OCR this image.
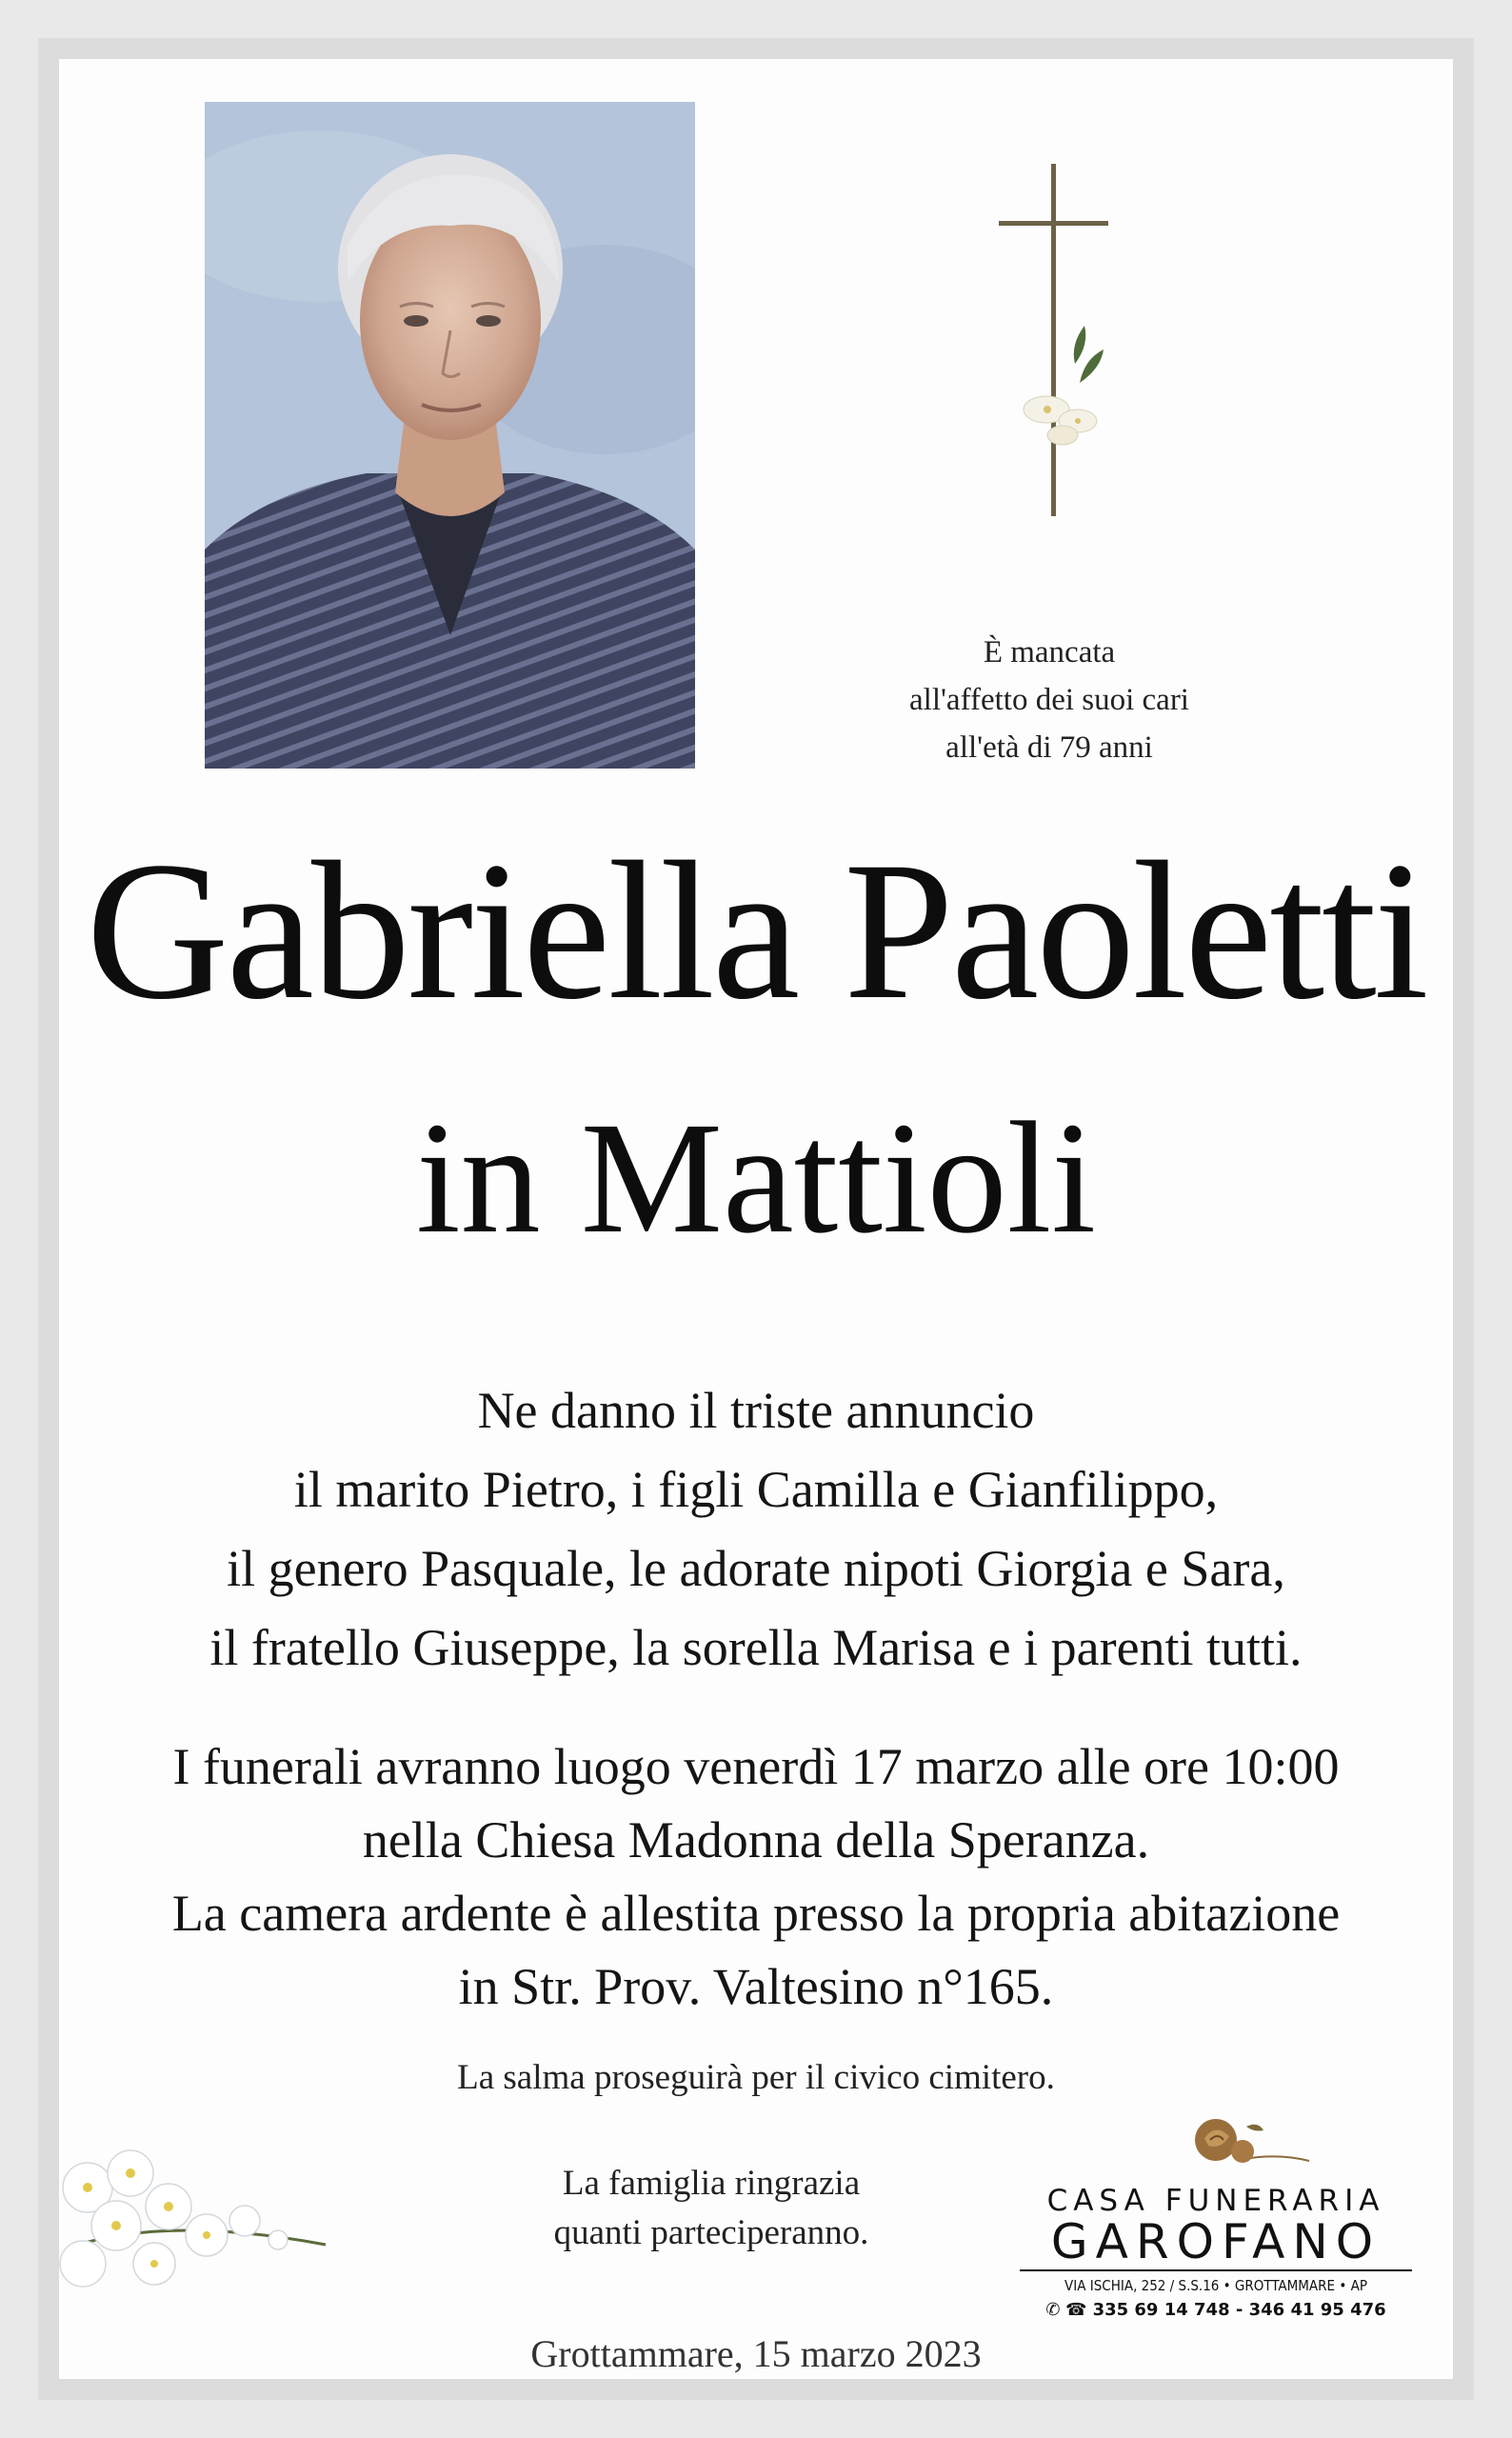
È mancata
all'affetto dei suoi cari
all'età di 79 anni
Gabriella Paoletti
in Mattioli
Ne danno il triste annuncio
il marito Pietro, i figli Camilla e Gianfilippo,
il genero Pasquale, le adorate nipoti Giorgia e Sara,
il fratello Giuseppe, la sorella Marisa e i parenti tutti.
I funerali avranno luogo venerdì 17 marzo alle ore 10:00
nella Chiesa Madonna della Speranza.
La camera ardente è allestita presso la propria abitazione
in Str. Prov. Valtesino n°165.
La salma proseguirà per il civico cimitero.
La famiglia ringrazia
quanti parteciperanno.
CASA FUNERARIA
GAROFANO
VIA ISCHIA, 252 / S.S.16 • GROTTAMMARE • AP
✆ ☎ 335 69 14 748 - 346 41 95 476
Grottammare, 15 marzo 2023
